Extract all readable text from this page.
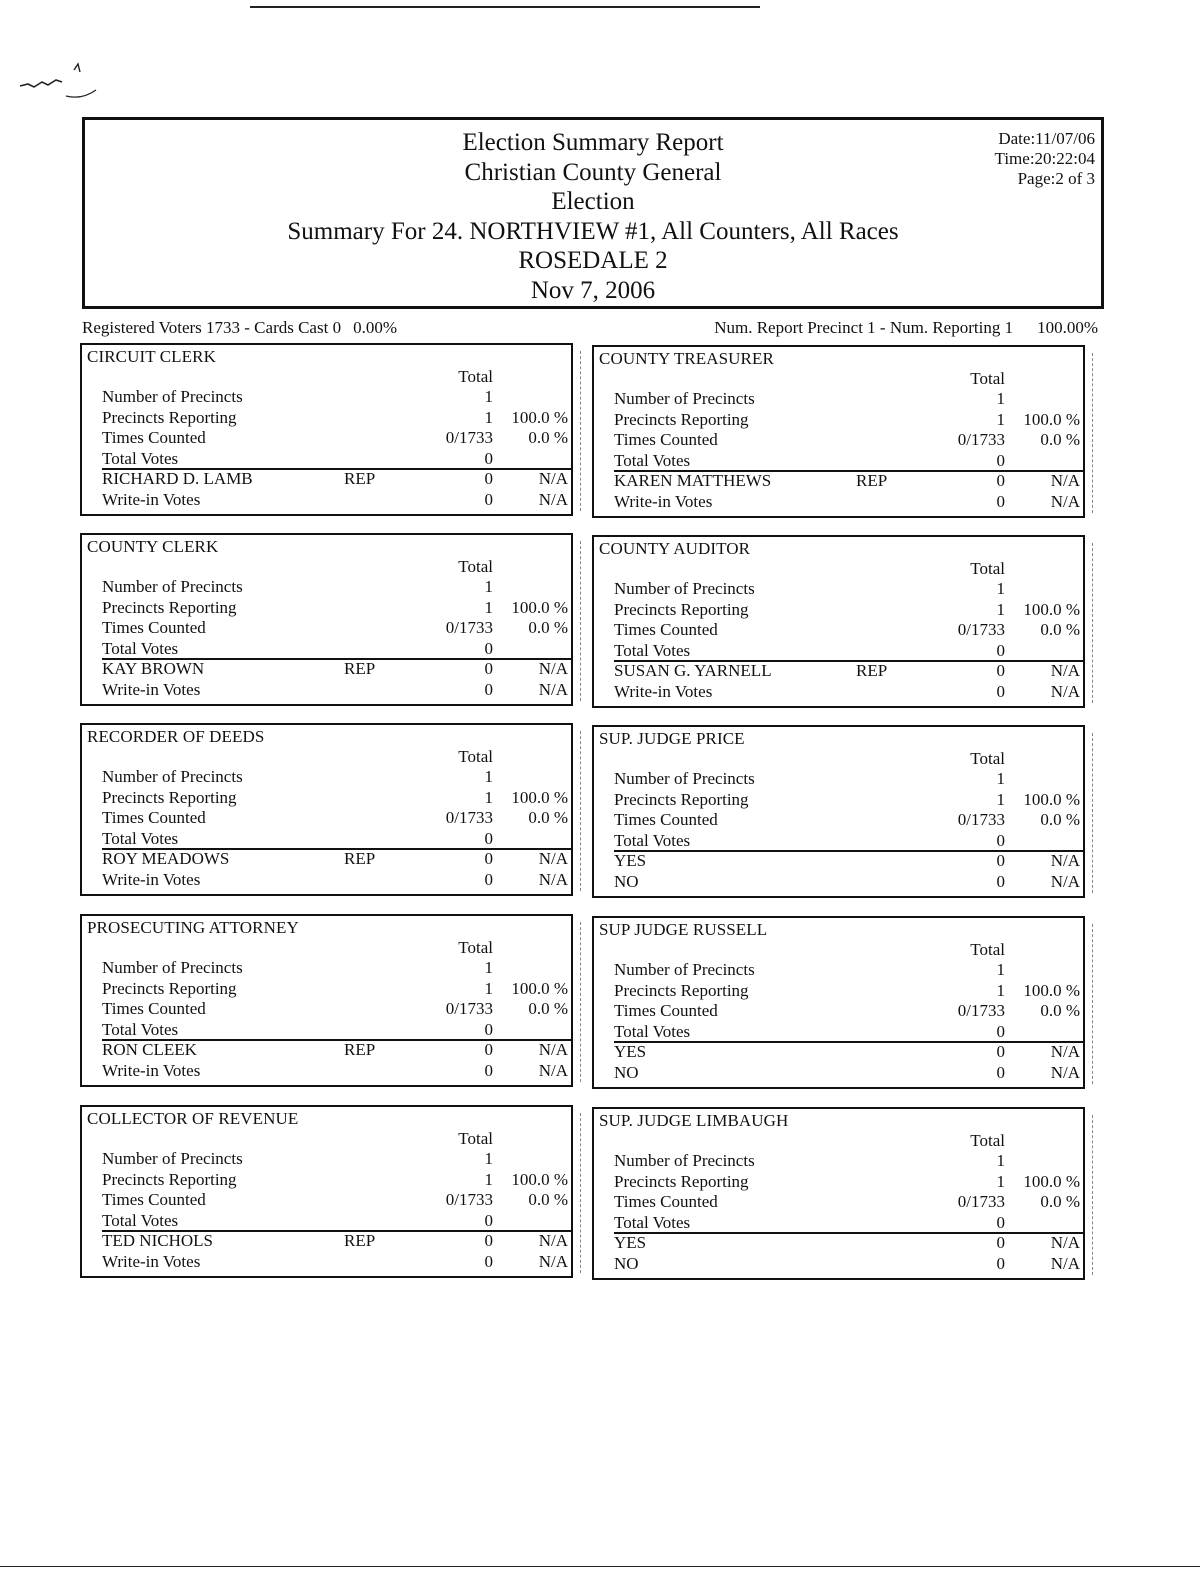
Election Summary Report
Christian County General
Election
Summary For 24. NORTHVIEW #1, All Counters, All Races
ROSEDALE 2
Nov 7, 2006
Date:11/07/06
Time:20:22:04
Page:2 of 3
Registered Voters 1733 - Cards Cast 0 0.00%	Num. Report Precinct 1 - Num. Reporting 1 100.00%
CIRCUIT CLERK
Total
Number of Precincts	1
Precincts Reporting	1 100.0 %
Times Counted	0/1733 0.0 %
Total Votes	0
RICHARD D. LAMB	REP	0	N/A
Write-in Votes	0	N/A
COUNTY TREASURER
Total
Number of Precincts	1
Precincts Reporting	1 100.0 %
Times Counted	0/1733 0.0 %
Total Votes	0
KAREN MATTHEWS	REP	0	N/A
Write-in Votes	0	N/A
COUNTY CLERK
Total
Number of Precincts	1
Precincts Reporting	1 100.0 %
Times Counted	0/1733 0.0 %
Total Votes	0
KAY BROWN	REP	0	N/A
Write-in Votes	0	N/A
COUNTY AUDITOR
Total
Number of Precincts	1
Precincts Reporting	1 100.0 %
Times Counted	0/1733 0.0 %
Total Votes	0
SUSAN G. YARNELL	REP	0	N/A
Write-in Votes	0	N/A
RECORDER OF DEEDS
Total
Number of Precincts	1
Precincts Reporting	1 100.0 %
Times Counted	0/1733 0.0 %
Total Votes	0
ROY MEADOWS	REP	0	N/A
Write-in Votes	0	N/A
SUP. JUDGE PRICE
Total
Number of Precincts	1
Precincts Reporting	1 100.0 %
Times Counted	0/1733 0.0 %
Total Votes	0
YES	0	N/A
NO	0	N/A
PROSECUTING ATTORNEY
Total
Number of Precincts	1
Precincts Reporting	1 100.0 %
Times Counted	0/1733 0.0 %
Total Votes	0
RON CLEEK	REP	0	N/A
Write-in Votes	0	N/A
SUP JUDGE RUSSELL
Total
Number of Precincts	1
Precincts Reporting	1 100.0 %
Times Counted	0/1733 0.0 %
Total Votes	0
YES	0	N/A
NO	0	N/A
COLLECTOR OF REVENUE
Total
Number of Precincts	1
Precincts Reporting	1 100.0 %
Times Counted	0/1733 0.0 %
Total Votes	0
TED NICHOLS	REP	0	N/A
Write-in Votes	0	N/A
SUP. JUDGE LIMBAUGH
Total
Number of Precincts	1
Precincts Reporting	1 100.0 %
Times Counted	0/1733 0.0 %
Total Votes	0
YES	0	N/A
NO	0	N/A
